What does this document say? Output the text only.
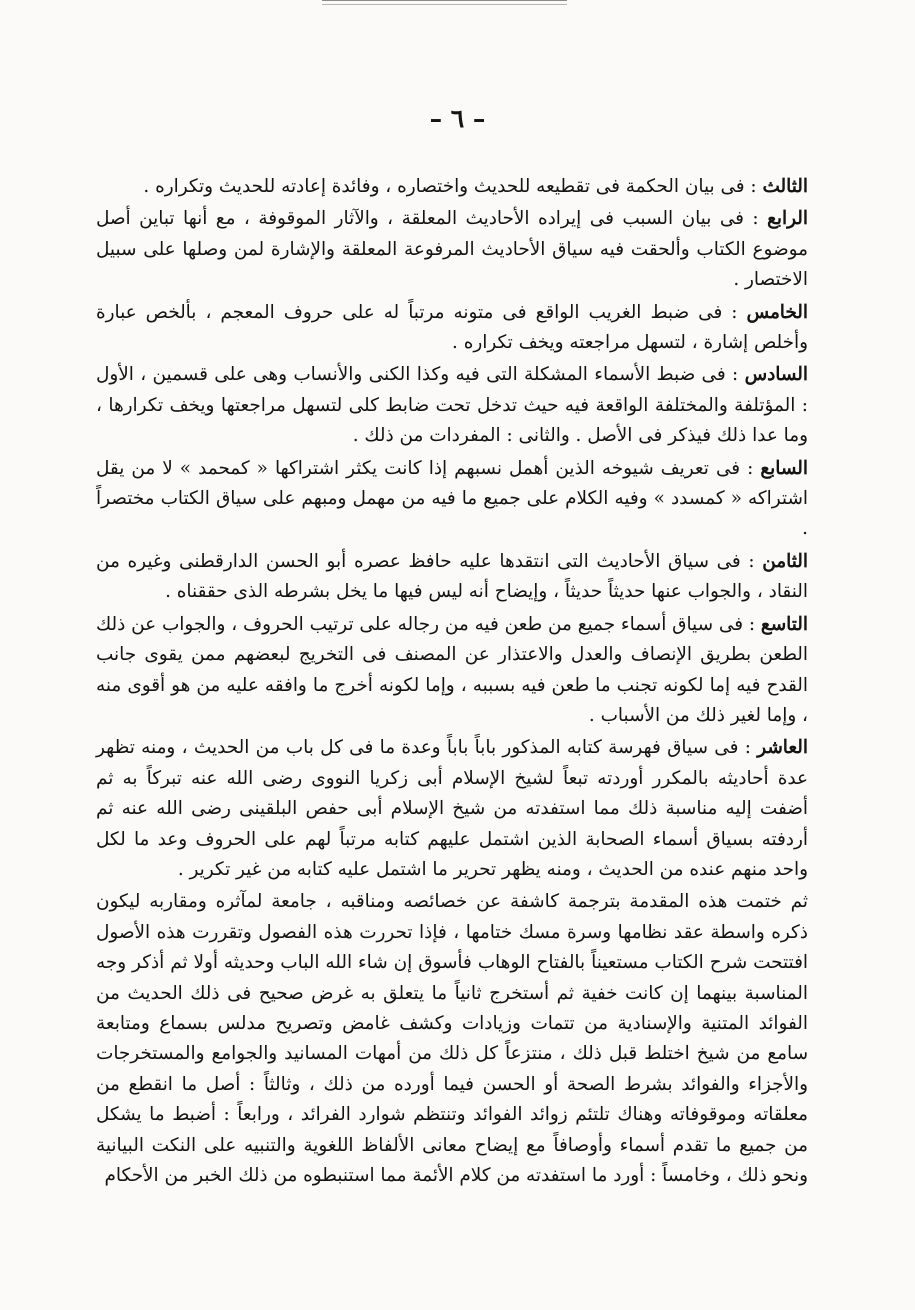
– ٦ –

الثالث : فى بيان الحكمة فى تقطيعه للحديث واختصاره ، وفائدة إعادته للحديث وتكراره .

الرابع : فى بيان السبب فى إيراده الأحاديث المعلقة ، والآثار الموقوفة ، مع أنها تباين أصل موضوع الكتاب وألحقت فيه سياق الأحاديث المرفوعة المعلقة والإشارة لمن وصلها على سبيل الاختصار .

الخامس : فى ضبط الغريب الواقع فى متونه مرتباً له على حروف المعجم ، بألخص عبارة وأخلص إشارة ، لتسهل مراجعته ويخف تكراره .

السادس : فى ضبط الأسماء المشكلة التى فيه وكذا الكنى والأنساب وهى على قسمين ، الأول : المؤتلفة والمختلفة الواقعة فيه حيث تدخل تحت ضابط كلى لتسهل مراجعتها ويخف تكرارها ، وما عدا ذلك فيذكر فى الأصل . والثانى : المفردات من ذلك .

السابع : فى تعريف شيوخه الذين أهمل نسبهم إذا كانت يكثر اشتراكها « كمحمد » لا من يقل اشتراكه « كمسدد » وفيه الكلام على جميع ما فيه من مهمل ومبهم على سياق الكتاب مختصراً .

الثامن : فى سياق الأحاديث التى انتقدها عليه حافظ عصره أبو الحسن الدارقطنى وغيره من النقاد ، والجواب عنها حديثاً حديثاً ، وإيضاح أنه ليس فيها ما يخل بشرطه الذى حققناه .

التاسع : فى سياق أسماء جميع من طعن فيه من رجاله على ترتيب الحروف ، والجواب عن ذلك الطعن بطريق الإنصاف والعدل والاعتذار عن المصنف فى التخريج لبعضهم ممن يقوى جانب القدح فيه إما لكونه تجنب ما طعن فيه بسببه ، وإما لكونه أخرج ما وافقه عليه من هو أقوى منه ، وإما لغير ذلك من الأسباب .

العاشر : فى سياق فهرسة كتابه المذكور باباً باباً وعدة ما فى كل باب من الحديث ، ومنه تظهر عدة أحاديثه بالمكرر أوردته تبعاً لشيخ الإسلام أبى زكريا النووى رضى الله عنه تبركاً به ثم أضفت إليه مناسبة ذلك مما استفدته من شيخ الإسلام أبى حفص البلقينى رضى الله عنه ثم أردفته بسياق أسماء الصحابة الذين اشتمل عليهم كتابه مرتباً لهم على الحروف وعد ما لكل واحد منهم عنده من الحديث ، ومنه يظهر تحرير ما اشتمل عليه كتابه من غير تكرير .

ثم ختمت هذه المقدمة بترجمة كاشفة عن خصائصه ومناقبه ، جامعة لمآثره ومقاربه ليكون ذكره واسطة عقد نظامها وسرة مسك ختامها ، فإذا تحررت هذه الفصول وتقررت هذه الأصول افتتحت شرح الكتاب مستعيناً بالفتاح الوهاب فأسوق إن شاء الله الباب وحديثه أولا ثم أذكر وجه المناسبة بينهما إن كانت خفية ثم أستخرج ثانياً ما يتعلق به غرض صحيح فى ذلك الحديث من الفوائد المتنية والإسنادية من تتمات وزيادات وكشف غامض وتصريح مدلس بسماع ومتابعة سامع من شيخ اختلط قبل ذلك ، منتزعاً كل ذلك من أمهات المسانيد والجوامع والمستخرجات والأجزاء والفوائد بشرط الصحة أو الحسن فيما أورده من ذلك ، وثالثاً : أصل ما انقطع من معلقاته وموقوفاته وهناك تلتئم زوائد الفوائد وتنتظم شوارد الفرائد ، ورابعاً : أضبط ما يشكل من جميع ما تقدم أسماء وأوصافاً مع إيضاح معانى الألفاظ اللغوية والتنبيه على النكت البيانية ونحو ذلك ، وخامساً : أورد ما استفدته من كلام الأئمة مما استنبطوه من ذلك الخبر من الأحكام
